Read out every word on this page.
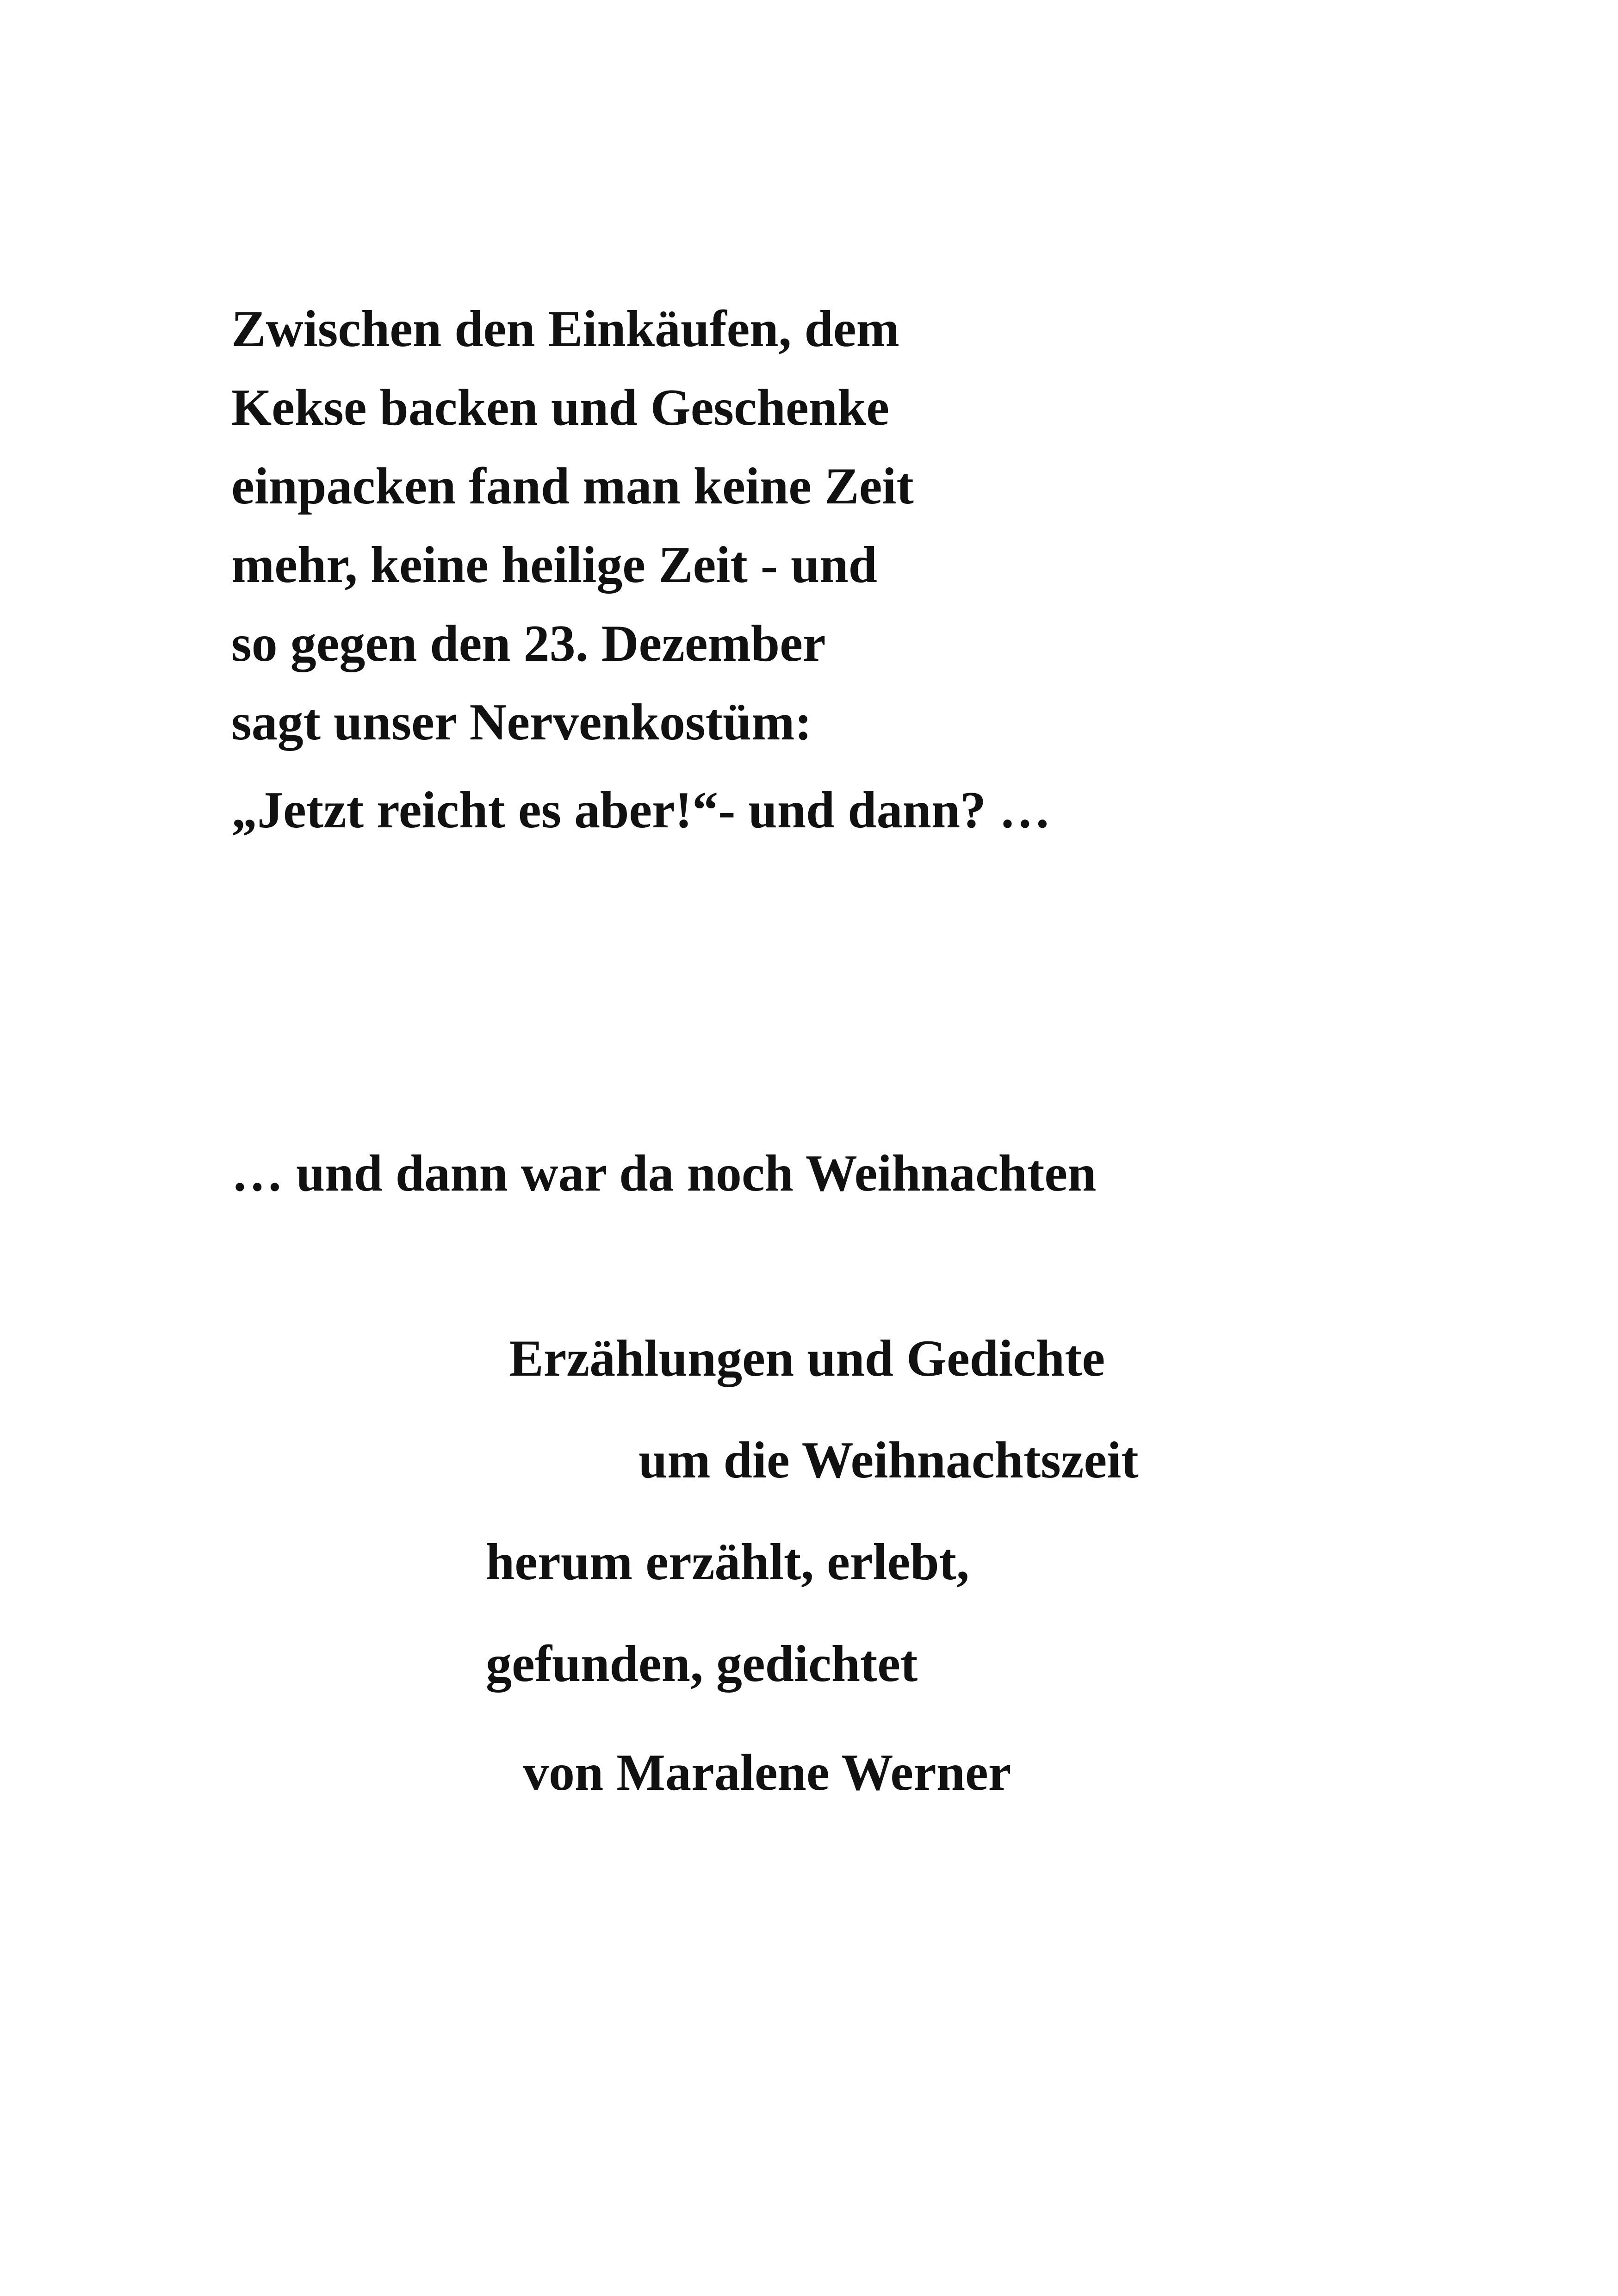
Zwischen den Einkäufen, dem

Kekse backen und Geschenke

einpacken fand man keine Zeit

mehr, keine heilige Zeit - und

so gegen den 23. Dezember

sagt unser Nervenkostüm:

„Jetzt reicht es aber!“- und dann? …

… und dann war da noch Weihnachten

Erzählungen und Gedichte

um die Weihnachtszeit

herum erzählt, erlebt,

gefunden, gedichtet

von Maralene Werner
